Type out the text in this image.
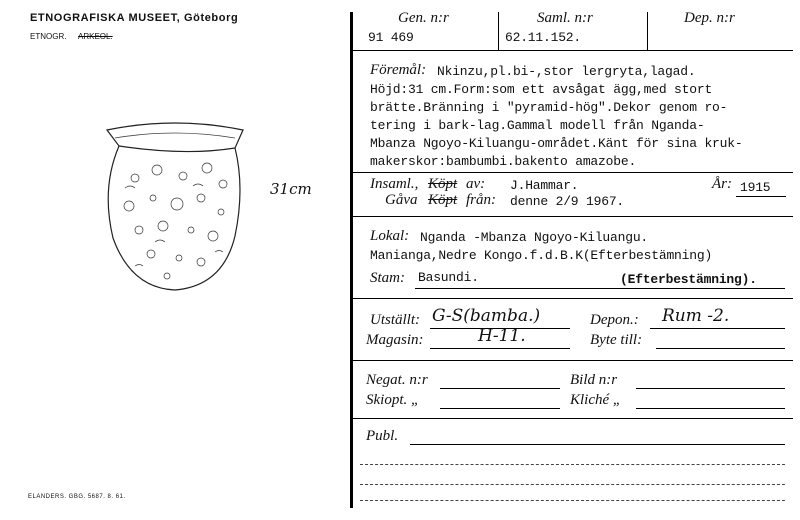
ETNOGRAFISKA MUSEET, Göteborg
ETNOGR. ARKEOL.
31cm
ELANDERS. GBG. 5687. 8. 61.
Gen. n:r
91 469
Saml. n:r
62.11.152.
Dep. n:r
Föremål: Nkinzu,pl.bi-,stor lergryta,lagad.
Höjd:31 cm.Form:som ett avsågat ägg,med stort
brätte.Bränning i "pyramid-hög".Dekor genom ro-
tering i bark-lag.Gammal modell från Nganda-
Mbanza Ngoyo-Kiluangu-området.Känt för sina kruk-
makerskor:bambumbi.bakento amazobe.
Insaml., Köpt av: J.Hammar.	År: 1915
Gåva Köpt från: denne 2/9 1967.
Lokal: Nganda -Mbanza Ngoyo-Kiluangu.
Manianga,Nedre Kongo.f.d.B.K(Efterbestämning)
Stam: Basundi.	(Efterbestämning).
Utställt: G-S(bamba.)	Depon.: Rum -2.
Magasin:	H-11.	Byte till:
Negat. n:r	Bild n:r
Skiopt. „	Kliché „
Publ.
